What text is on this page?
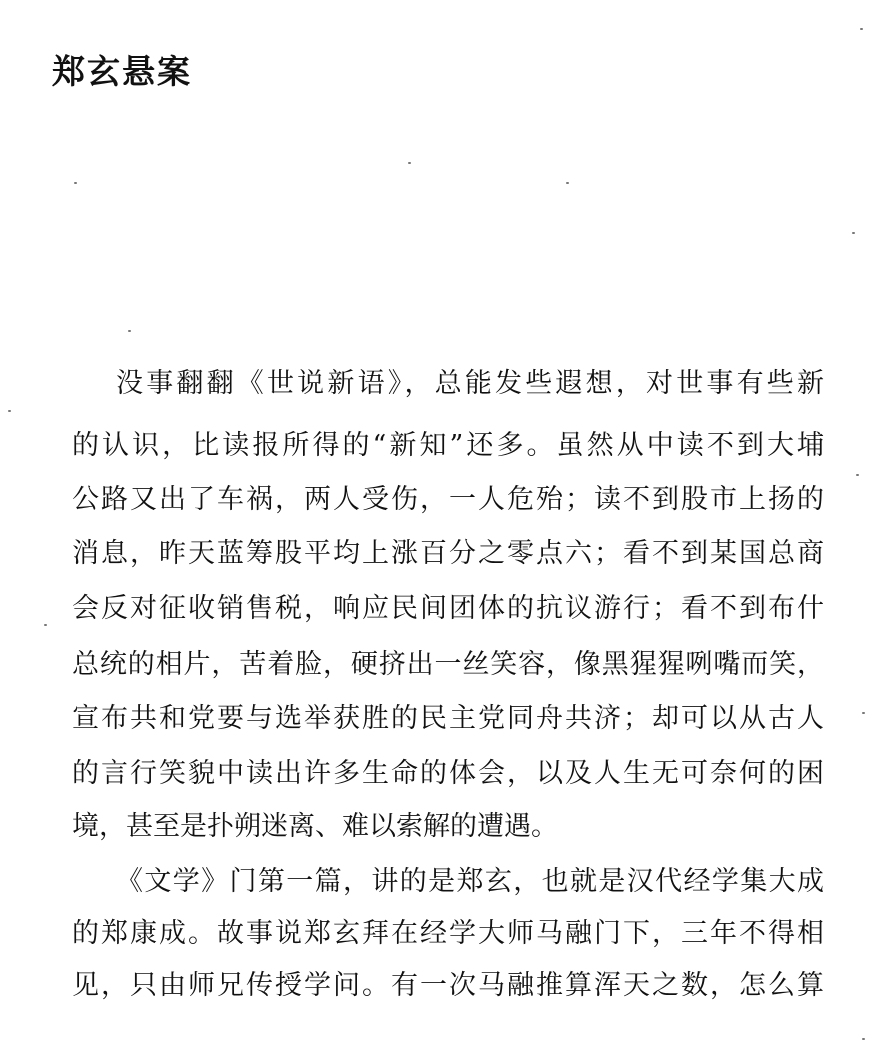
郑玄悬案
没事翻翻《世说新语》，总能发些遐想，对世事有些新
的认识，比读报所得的“新知”还多。虽然从中读不到大埔
公路又出了车祸，两人受伤，一人危殆；读不到股市上扬的
消息，昨天蓝筹股平均上涨百分之零点六；看不到某国总商
会反对征收销售税，响应民间团体的抗议游行；看不到布什
总统的相片，苦着脸，硬挤出一丝笑容，像黑猩猩咧嘴而笑，
宣布共和党要与选举获胜的民主党同舟共济；却可以从古人
的言行笑貌中读出许多生命的体会，以及人生无可奈何的困
境，甚至是扑朔迷离、难以索解的遭遇。
《文学》门第一篇，讲的是郑玄，也就是汉代经学集大成
的郑康成。故事说郑玄拜在经学大师马融门下，三年不得相
见，只由师兄传授学问。有一次马融推算浑天之数，怎么算
